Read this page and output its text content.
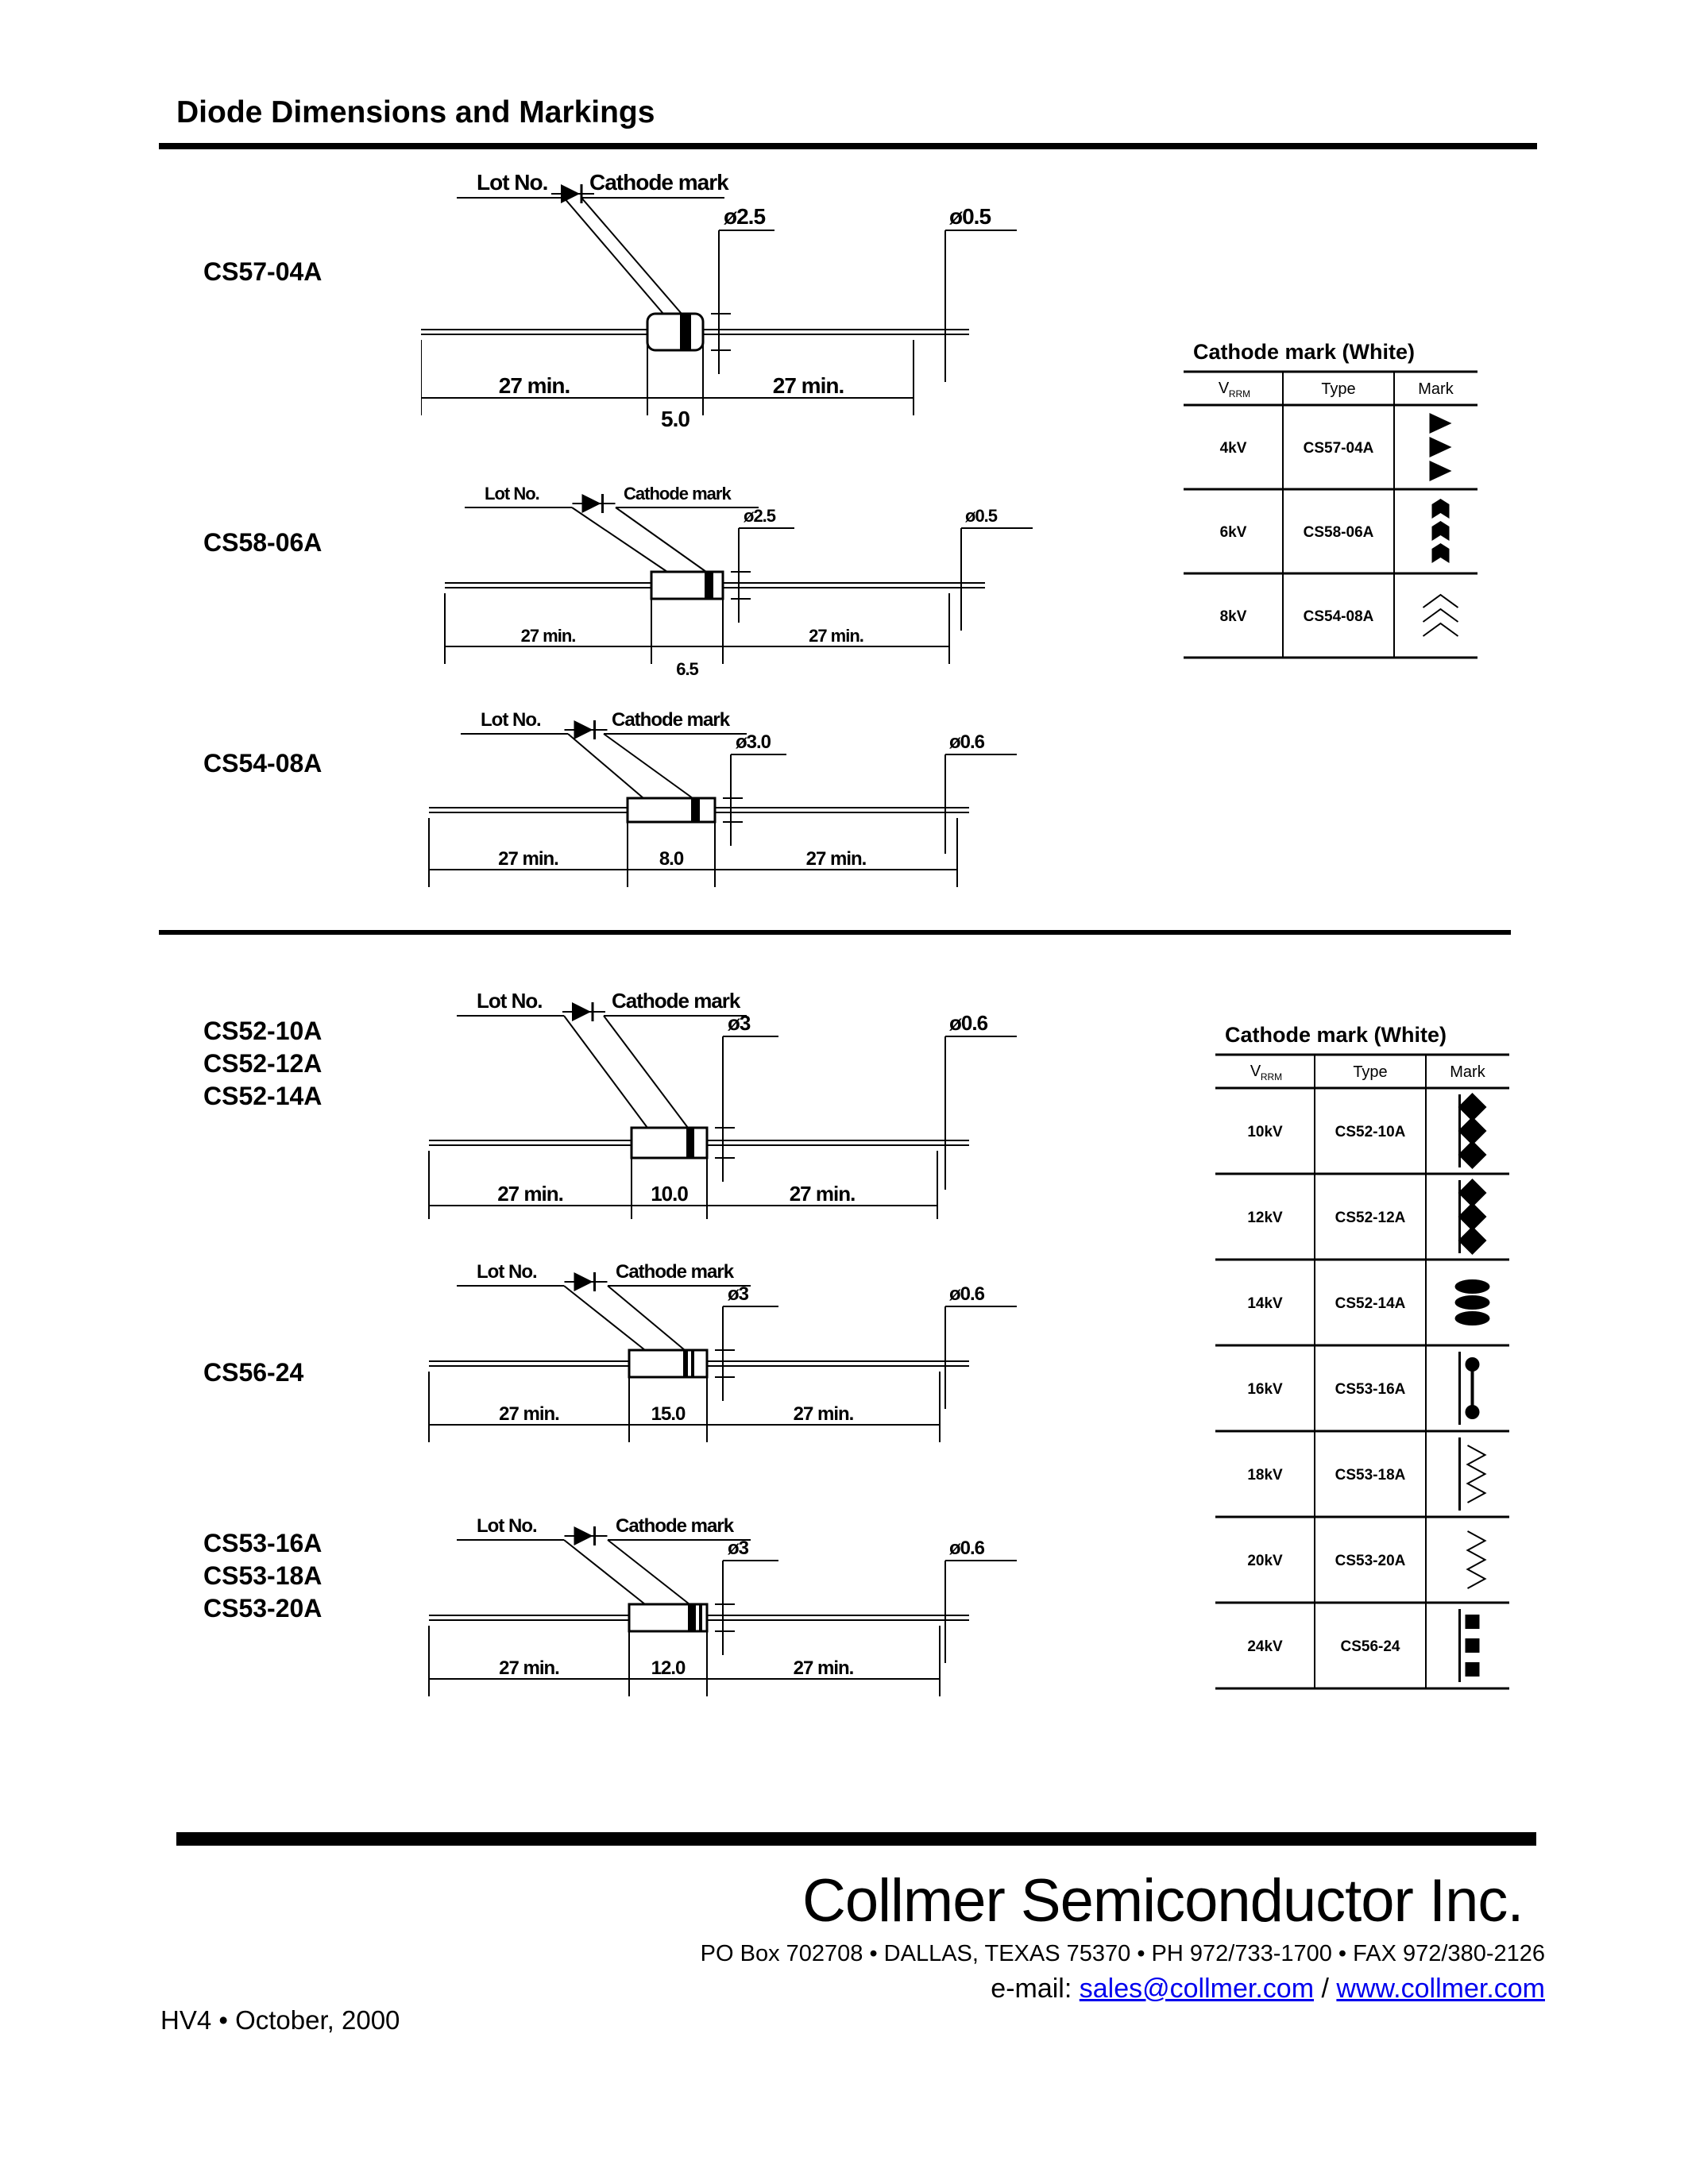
Diode Dimensions and Markings
CS57-04A
CS58-06A
CS54-08A
CS52-10A
CS52-12A
CS52-14A
CS56-24
CS53-16A
CS53-18A
CS53-20A
Lot No. Cathode mark
ø2.5	ø0.5
27 min.	27 min.
5.0
Lot No.	Cathode mark
ø2.5	ø0.5
27 min.	27 min.
6.5
Lot No.	Cathode mark
ø3.0	ø0.6
27 min.	27 min.
8.0
Lot No.	Cathode mark
ø3	ø0.6
27 min.	27 min.
10.0
Lot No.	Cathode mark
ø3	ø0.6
27 min.	27 min.
15.0
Lot No.	Cathode mark
ø3	ø0.6
27 min.	27 min.
12.0
Cathode mark (White)
V RRM	Type	Mark
4kV	CS57-04A
6kV	CS58-06A
8kV	CS54-08A
Cathode mark (White)
V RRM	Type	Mark
10kV	CS52-10A
12kV	CS52-12A
14kV	CS52-14A
16kV	CS53-16A
18kV	CS53-18A
20kV	CS53-20A
24kV	CS56-24
Collmer Semiconductor Inc.
PO Box 702708 • DALLAS, TEXAS 75370 • PH 972/733-1700 • FAX 972/380-2126
e-mail: sales@collmer.com / www.collmer.com
HV4 • October, 2000
